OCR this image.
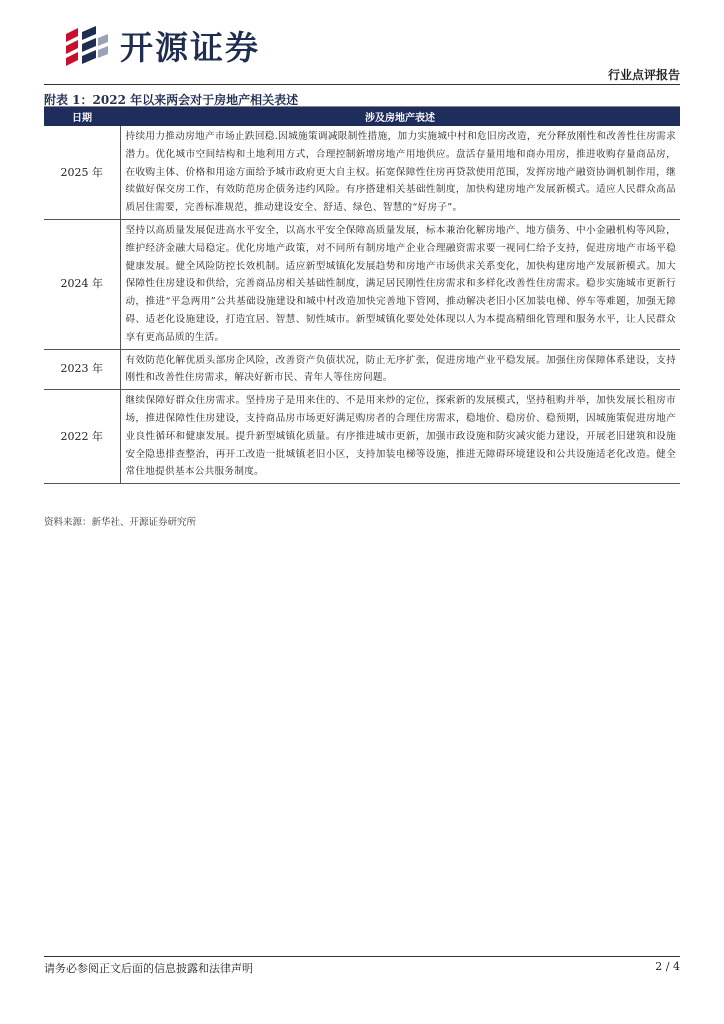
开源证券
行业点评报告
附表 1：2022 年以来两会对于房地产相关表述
日期	涉及房地产表述
2025 年	持续用力推动房地产市场止跌回稳.因城施策调减限制性措施，加力实施城中村和危旧房改造，充分释放刚性和改善性住房需求潜力。优化城市空间结构和土地利用方式，合理控制新增房地产用地供应。盘活存量用地和商办用房，推进收购存量商品房，在收购主体、价格和用途方面给予城市政府更大自主权。拓宽保障性住房再贷款使用范围，发挥房地产融资协调机制作用，继续做好保交房工作，有效防范房企债务违约风险。有序搭建相关基础性制度，加快构建房地产发展新模式。适应人民群众高品质居住需要，完善标准规范，推动建设安全、舒适、绿色、智慧的“好房子”。
2024 年	坚持以高质量发展促进高水平安全，以高水平安全保障高质量发展，标本兼治化解房地产、地方债务、中小金融机构等风险，维护经济金融大局稳定。优化房地产政策，对不同所有制房地产企业合理融资需求要一视同仁给予支持，促进房地产市场平稳健康发展。健全风险防控长效机制。适应新型城镇化发展趋势和房地产市场供求关系变化，加快构建房地产发展新模式。加大保障性住房建设和供给，完善商品房相关基础性制度，满足居民刚性住房需求和多样化改善性住房需求。稳步实施城市更新行动，推进“平急两用”公共基础设施建设和城中村改造加快完善地下管网，推动解决老旧小区加装电梯、停车等难题，加强无障碍、适老化设施建设，打造宜居、智慧、韧性城市。新型城镇化要处处体现以人为本提高精细化管理和服务水平，让人民群众享有更高品质的生活。
2023 年	有效防范化解优质头部房企风险，改善资产负债状况，防止无序扩张，促进房地产业平稳发展。加强住房保障体系建设，支持刚性和改善性住房需求，解决好新市民、青年人等住房问题。
2022 年	继续保障好群众住房需求。坚持房子是用来住的、不是用来炒的定位，探索新的发展模式，坚持租购并举，加快发展长租房市场，推进保障性住房建设，支持商品房市场更好满足购房者的合理住房需求，稳地价、稳房价、稳预期，因城施策促进房地产业良性循环和健康发展。提升新型城镇化质量。有序推进城市更新，加强市政设施和防灾减灾能力建设，开展老旧建筑和设施安全隐患排查整治，再开工改造一批城镇老旧小区，支持加装电梯等设施，推进无障碍环境建设和公共设施适老化改造。健全常住地提供基本公共服务制度。
资料来源：新华社、开源证券研究所
请务必参阅正文后面的信息披露和法律声明	2 / 4
